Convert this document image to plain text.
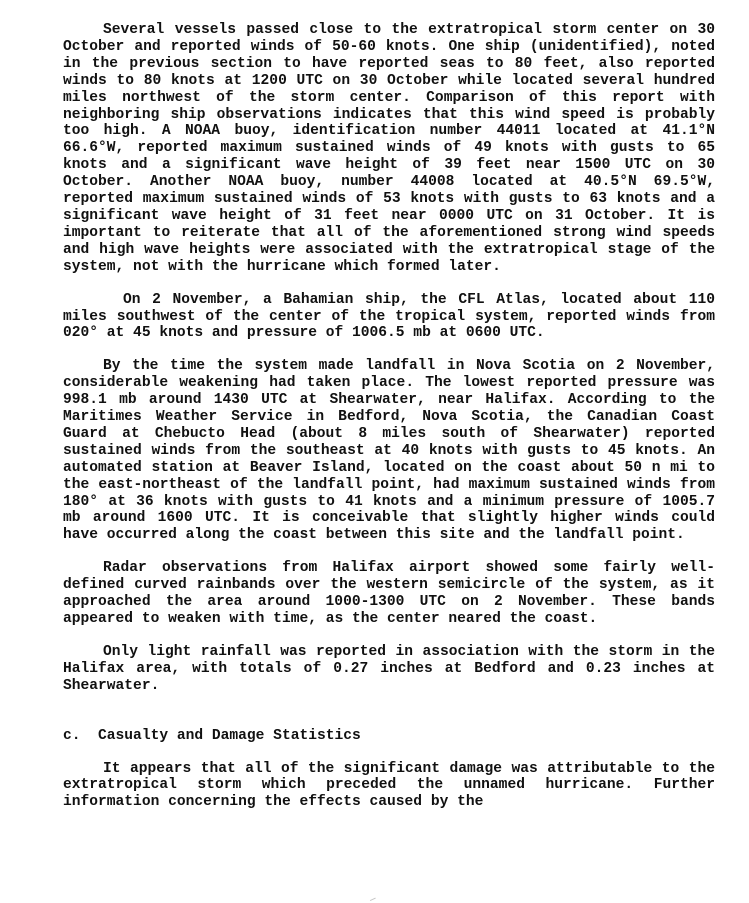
Several vessels passed close to the extratropical storm center on 30 October and reported winds of 50-60 knots. One ship (unidentified), noted in the previous section to have reported seas to 80 feet, also reported winds to 80 knots at 1200 UTC on 30 October while located several hundred miles northwest of the storm center. Comparison of this report with neighboring ship observations indicates that this wind speed is probably too high. A NOAA buoy, identification number 44011 located at 41.1°N 66.6°W, reported maximum sustained winds of 49 knots with gusts to 65 knots and a significant wave height of 39 feet near 1500 UTC on 30 October. Another NOAA buoy, number 44008 located at 40.5°N 69.5°W, reported maximum sustained winds of 53 knots with gusts to 63 knots and a significant wave height of 31 feet near 0000 UTC on 31 October. It is important to reiterate that all of the aforementioned strong wind speeds and high wave heights were associated with the extratropical stage of the system, not with the hurricane which formed later.

On 2 November, a Bahamian ship, the CFL Atlas, located about 110 miles southwest of the center of the tropical system, reported winds from 020° at 45 knots and pressure of 1006.5 mb at 0600 UTC.

By the time the system made landfall in Nova Scotia on 2 November, considerable weakening had taken place. The lowest reported pressure was 998.1 mb around 1430 UTC at Shearwater, near Halifax. According to the Maritimes Weather Service in Bedford, Nova Scotia, the Canadian Coast Guard at Chebucto Head (about 8 miles south of Shearwater) reported sustained winds from the southeast at 40 knots with gusts to 45 knots. An automated station at Beaver Island, located on the coast about 50 n mi to the east-northeast of the landfall point, had maximum sustained winds from 180° at 36 knots with gusts to 41 knots and a minimum pressure of 1005.7 mb around 1600 UTC. It is conceivable that slightly higher winds could have occurred along the coast between this site and the landfall point.

Radar observations from Halifax airport showed some fairly well-defined curved rainbands over the western semicircle of the system, as it approached the area around 1000-1300 UTC on 2 November. These bands appeared to weaken with time, as the center neared the coast.

Only light rainfall was reported in association with the storm in the Halifax area, with totals of 0.27 inches at Bedford and 0.23 inches at Shearwater.

c.  Casualty and Damage Statistics

It appears that all of the significant damage was attributable to the extratropical storm which preceded the unnamed hurricane. Further information concerning the effects caused by the
